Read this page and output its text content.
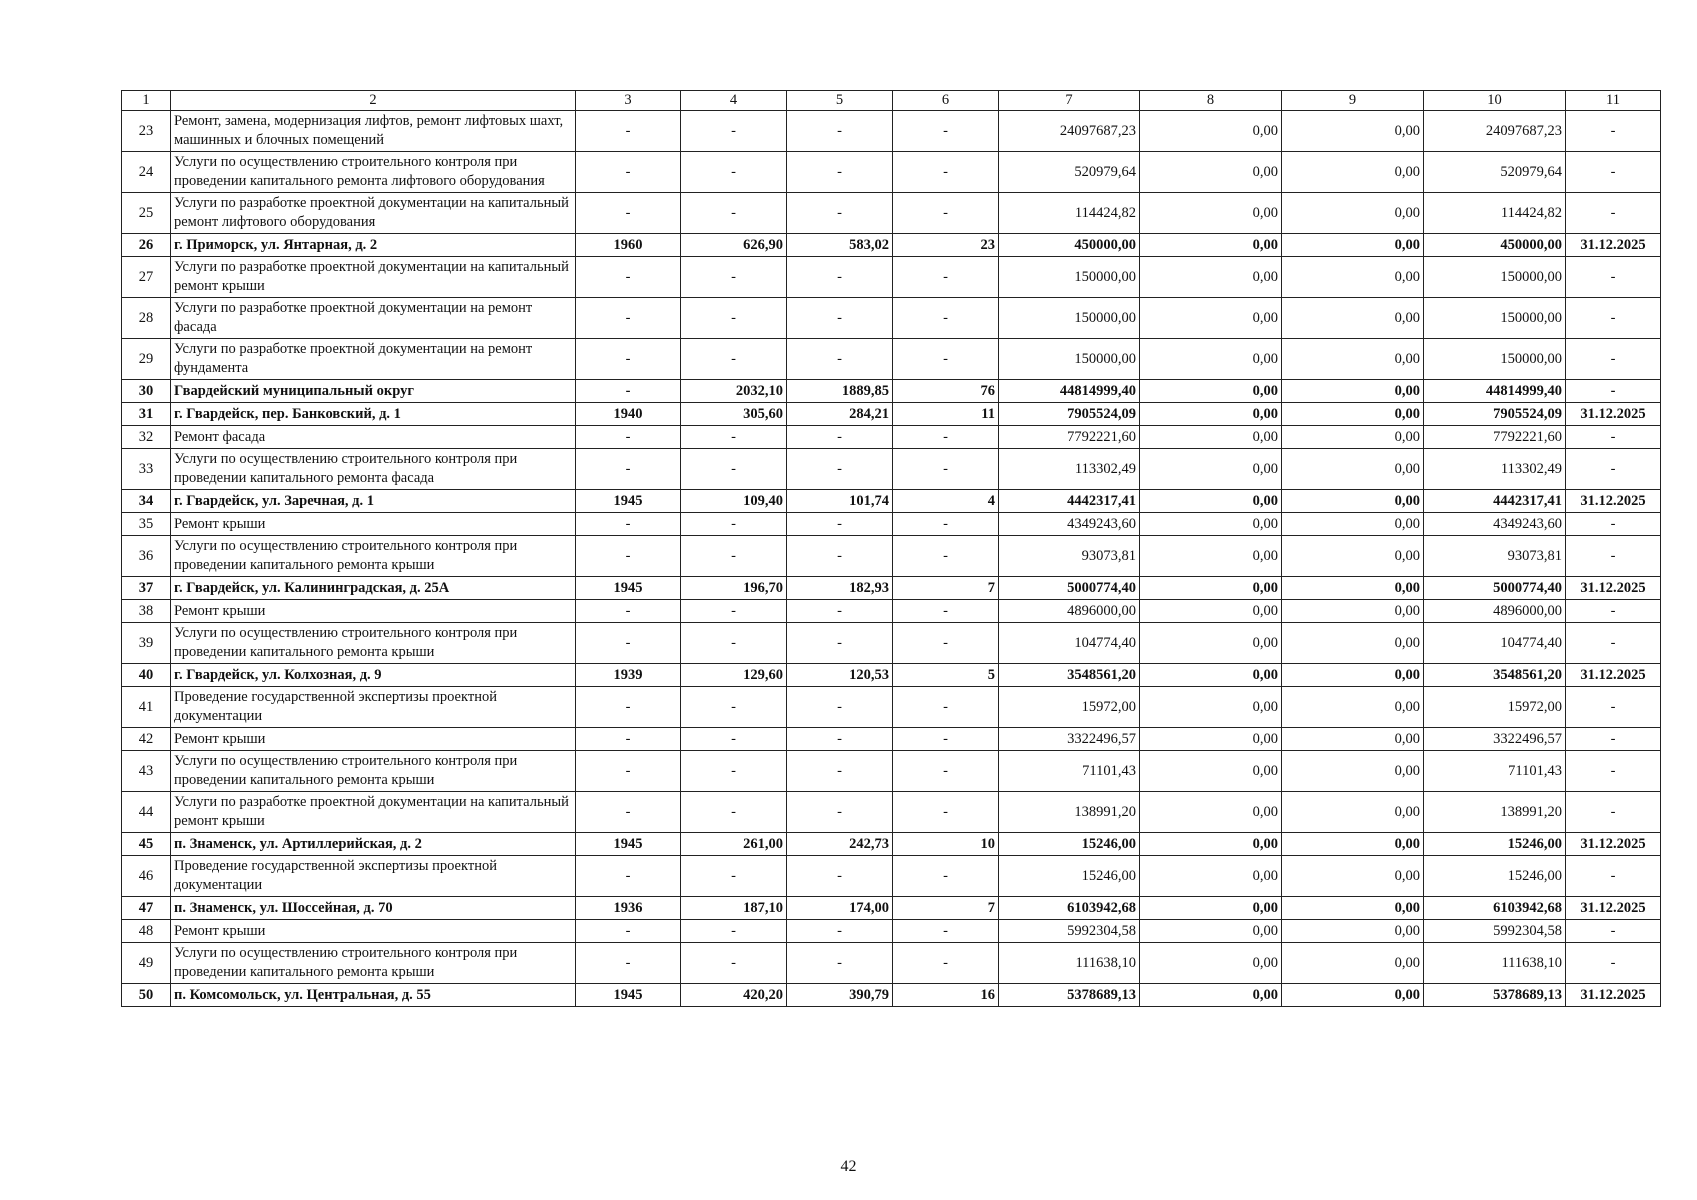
1	2	3	4	5	6	7	8	9	10	11
23	Ремонт, замена, модернизация лифтов, ремонт лифтовых шахт, машинных и блочных помещений	-	-	-	-	24097687,23	0,00	0,00	24097687,23	-
24	Услуги по осуществлению строительного контроля при проведении капитального ремонта лифтового оборудования	-	-	-	-	520979,64	0,00	0,00	520979,64	-
25	Услуги по разработке проектной документации на капитальный ремонт лифтового оборудования	-	-	-	-	114424,82	0,00	0,00	114424,82	-
26	г. Приморск, ул. Янтарная, д. 2	1960	626,90	583,02	23	450000,00	0,00	0,00	450000,00	31.12.2025
27	Услуги по разработке проектной документации на капитальный ремонт крыши	-	-	-	-	150000,00	0,00	0,00	150000,00	-
28	Услуги по разработке проектной документации на ремонт фасада	-	-	-	-	150000,00	0,00	0,00	150000,00	-
29	Услуги по разработке проектной документации на ремонт фундамента	-	-	-	-	150000,00	0,00	0,00	150000,00	-
30	Гвардейский муниципальный округ	-	2032,10	1889,85	76	44814999,40	0,00	0,00	44814999,40	-
31	г. Гвардейск, пер. Банковский, д. 1	1940	305,60	284,21	11	7905524,09	0,00	0,00	7905524,09	31.12.2025
32	Ремонт фасада	-	-	-	-	7792221,60	0,00	0,00	7792221,60	-
33	Услуги по осуществлению строительного контроля при проведении капитального ремонта фасада	-	-	-	-	113302,49	0,00	0,00	113302,49	-
34	г. Гвардейск, ул. Заречная, д. 1	1945	109,40	101,74	4	4442317,41	0,00	0,00	4442317,41	31.12.2025
35	Ремонт крыши	-	-	-	-	4349243,60	0,00	0,00	4349243,60	-
36	Услуги по осуществлению строительного контроля при проведении капитального ремонта крыши	-	-	-	-	93073,81	0,00	0,00	93073,81	-
37	г. Гвардейск, ул. Калининградская, д. 25А	1945	196,70	182,93	7	5000774,40	0,00	0,00	5000774,40	31.12.2025
38	Ремонт крыши	-	-	-	-	4896000,00	0,00	0,00	4896000,00	-
39	Услуги по осуществлению строительного контроля при проведении капитального ремонта крыши	-	-	-	-	104774,40	0,00	0,00	104774,40	-
40	г. Гвардейск, ул. Колхозная, д. 9	1939	129,60	120,53	5	3548561,20	0,00	0,00	3548561,20	31.12.2025
41	Проведение государственной экспертизы проектной документации	-	-	-	-	15972,00	0,00	0,00	15972,00	-
42	Ремонт крыши	-	-	-	-	3322496,57	0,00	0,00	3322496,57	-
43	Услуги по осуществлению строительного контроля при проведении капитального ремонта крыши	-	-	-	-	71101,43	0,00	0,00	71101,43	-
44	Услуги по разработке проектной документации на капитальный ремонт крыши	-	-	-	-	138991,20	0,00	0,00	138991,20	-
45	п. Знаменск, ул. Артиллерийская, д. 2	1945	261,00	242,73	10	15246,00	0,00	0,00	15246,00	31.12.2025
46	Проведение государственной экспертизы проектной документации	-	-	-	-	15246,00	0,00	0,00	15246,00	-
47	п. Знаменск, ул. Шоссейная, д. 70	1936	187,10	174,00	7	6103942,68	0,00	0,00	6103942,68	31.12.2025
48	Ремонт крыши	-	-	-	-	5992304,58	0,00	0,00	5992304,58	-
49	Услуги по осуществлению строительного контроля при проведении капитального ремонта крыши	-	-	-	-	111638,10	0,00	0,00	111638,10	-
50	п. Комсомольск, ул. Центральная, д. 55	1945	420,20	390,79	16	5378689,13	0,00	0,00	5378689,13	31.12.2025
42
